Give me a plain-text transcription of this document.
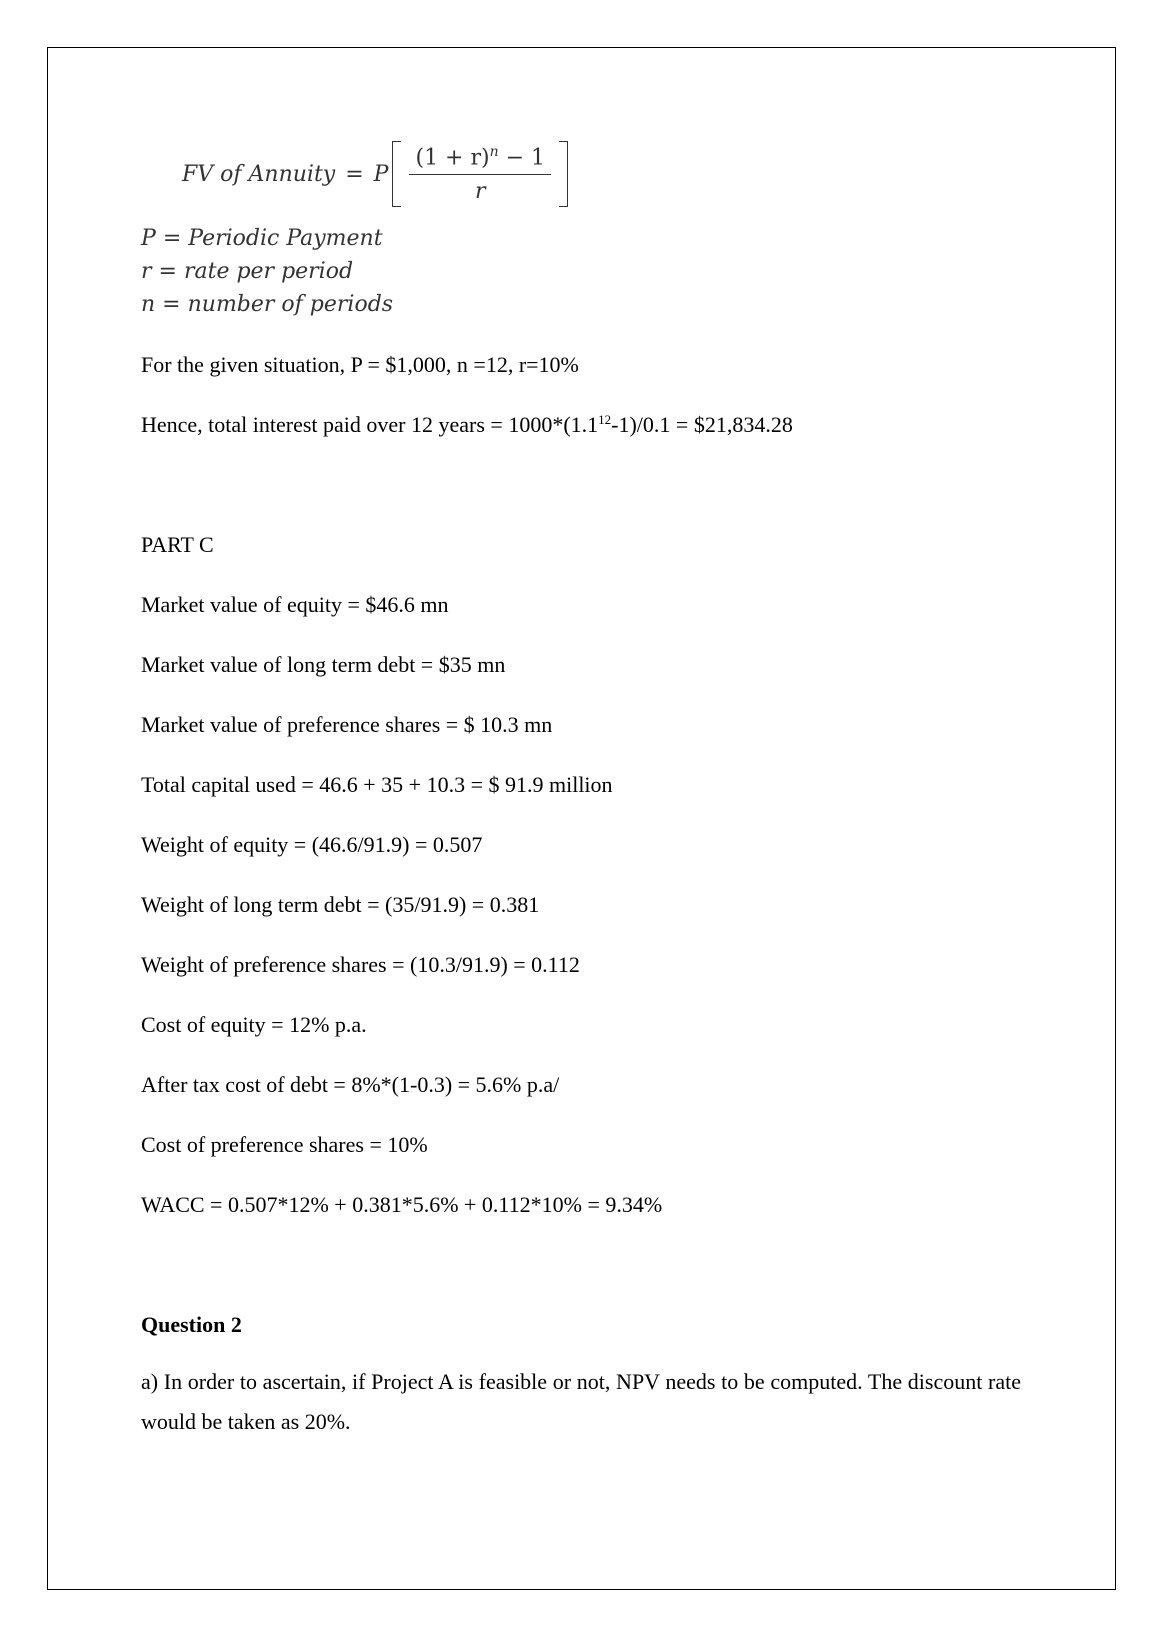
FV of Annuity = P $\frac{(1 + r)^n - 1}{r}$
P = Periodic Payment
r = rate per period
n = number of periods
For the given situation, P = $1,000, n =12, r=10%
Hence, total interest paid over 12 years = $1000*(1.1^{12}-1)/0.1$ = $21,834.28
PART C
Market value of equity = $46.6 mn
Market value of long term debt = $35 mn
Market value of preference shares = $ 10.3 mn
Total capital used = 46.6 + 35 + 10.3 = $ 91.9 million
Weight of equity = (46.6/91.9) = 0.507
Weight of long term debt = (35/91.9) = 0.381
Weight of preference shares = (10.3/91.9) = 0.112
Cost of equity = 12% p.a.
After tax cost of debt = 8%*(1-0.3) = 5.6% p.a/
Cost of preference shares = 10%
WACC = 0.507*12% + 0.381*5.6% + 0.112*10% = 9.34%
Question 2
a) In order to ascertain, if Project A is feasible or not, NPV needs to be computed. The discount rate would be taken as 20%.
